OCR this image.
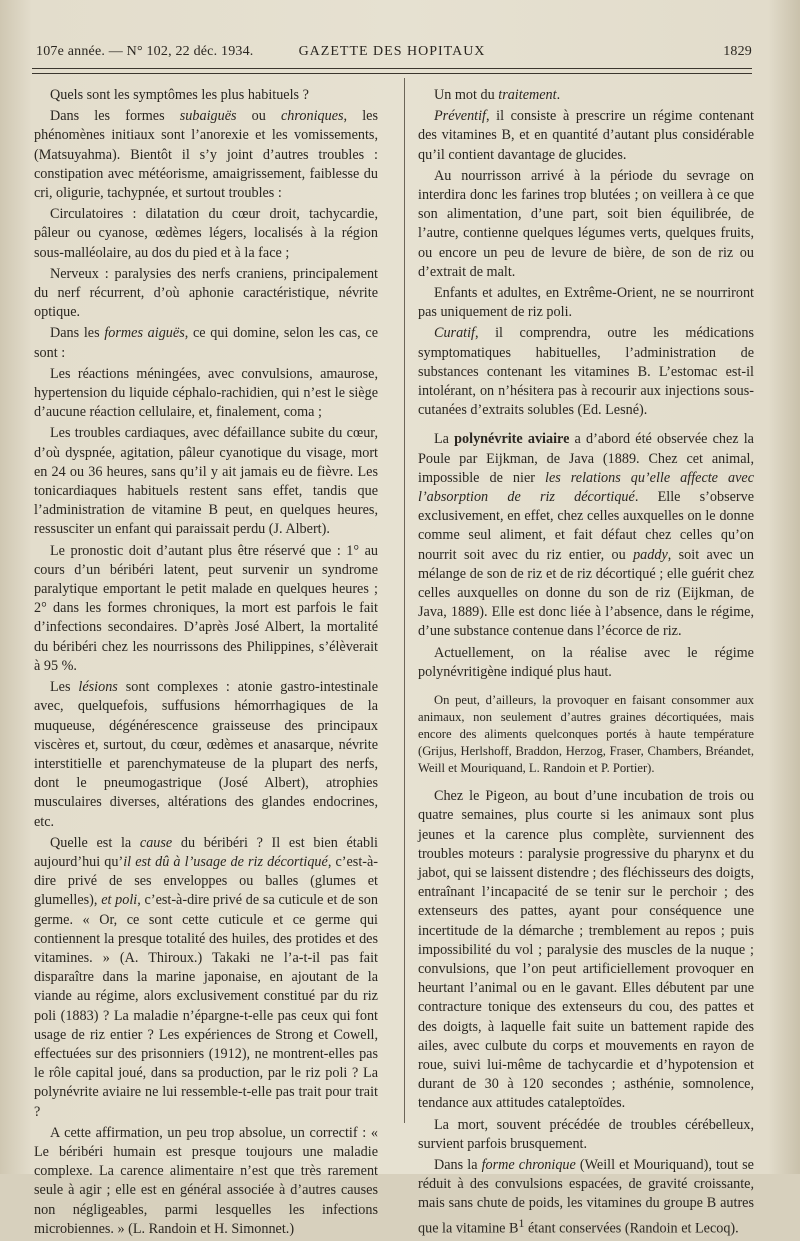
107e année. — N° 102, 22 déc. 1934.	GAZETTE DES HOPITAUX	1829

Quels sont les symptômes les plus habituels ?

Dans les formes subaiguës ou chroniques, les phénomènes initiaux sont l’anorexie et les vomissements, (Matsuyahma). Bientôt il s’y joint d’autres troubles : constipation avec météorisme, amaigrissement, faiblesse du cri, oligurie, tachypnée, et surtout troubles :

Circulatoires : dilatation du cœur droit, tachycardie, pâleur ou cyanose, œdèmes légers, localisés à la région sous-malléolaire, au dos du pied et à la face ;

Nerveux : paralysies des nerfs craniens, principalement du nerf récurrent, d’où aphonie caractéristique, névrite optique.

Dans les formes aiguës, ce qui domine, selon les cas, ce sont :

Les réactions méningées, avec convulsions, amaurose, hypertension du liquide céphalo-rachidien, qui n’est le siège d’aucune réaction cellulaire, et, finalement, coma ;

Les troubles cardiaques, avec défaillance subite du cœur, d’où dyspnée, agitation, pâleur cyanotique du visage, mort en 24 ou 36 heures, sans qu’il y ait jamais eu de fièvre. Les tonicardiaques habituels restent sans effet, tandis que l’administration de vitamine B peut, en quelques heures, ressusciter un enfant qui paraissait perdu (J. Albert).

Le pronostic doit d’autant plus être réservé que : 1° au cours d’un béribéri latent, peut survenir un syndrome paralytique emportant le petit malade en quelques heures ; 2° dans les formes chroniques, la mort est parfois le fait d’infections secondaires. D’après José Albert, la mortalité du béribéri chez les nourrissons des Philippines, s’élèverait à 95 %.

Les lésions sont complexes : atonie gastro-intestinale avec, quelquefois, suffusions hémorrhagiques de la muqueuse, dégénérescence graisseuse des principaux viscères et, surtout, du cœur, œdèmes et anasarque, névrite interstitielle et parenchymateuse de la plupart des nerfs, dont le pneumogastrique (José Albert), atrophies musculaires diverses, altérations des glandes endocrines, etc.

Quelle est la cause du béribéri ? Il est bien établi aujourd’hui qu’il est dû à l’usage de riz décortiqué, c’est-à-dire privé de ses enveloppes ou balles (glumes et glumelles), et poli, c’est-à-dire privé de sa cuticule et de son germe. « Or, ce sont cette cuticule et ce germe qui contiennent la presque totalité des huiles, des protides et des vitamines. » (A. Thiroux.) Takaki ne l’a-t-il pas fait disparaître dans la marine japonaise, en ajoutant de la viande au régime, alors exclusivement constitué par du riz poli (1883) ? La maladie n’épargne-t-elle pas ceux qui font usage de riz entier ? Les expériences de Strong et Cowell, effectuées sur des prisonniers (1912), ne montrent-elles pas le rôle capital joué, dans sa production, par le riz poli ? La polynévrite aviaire ne lui ressemble-t-elle pas trait pour trait ?

A cette affirmation, un peu trop absolue, un correctif : « Le béribéri humain est presque toujours une maladie complexe. La carence alimentaire n’est que très rarement seule à agir ; elle est en général associée à d’autres causes non négligeables, parmi lesquelles les infections microbiennes. » (L. Randoin et H. Simonnet.)

Un mot du traitement.

Préventif, il consiste à prescrire un régime contenant des vitamines B, et en quantité d’autant plus considérable qu’il contient davantage de glucides.

Au nourrisson arrivé à la période du sevrage on interdira donc les farines trop blutées ; on veillera à ce que son alimentation, d’une part, soit bien équilibrée, de l’autre, contienne quelques légumes verts, quelques fruits, ou encore un peu de levure de bière, de son de riz ou d’extrait de malt.

Enfants et adultes, en Extrême-Orient, ne se nourriront pas uniquement de riz poli.

Curatif, il comprendra, outre les médications symptomatiques habituelles, l’administration de substances contenant les vitamines B. L’estomac est-il intolérant, on n’hésitera pas à recourir aux injections sous-cutanées d’extraits solubles (Ed. Lesné).

La polynévrite aviaire a d’abord été observée chez la Poule par Eijkman, de Java (1889. Chez cet animal, impossible de nier les relations qu’elle affecte avec l’absorption de riz décortiqué. Elle s’observe exclusivement, en effet, chez celles auxquelles on le donne comme seul aliment, et fait défaut chez celles qu’on nourrit soit avec du riz entier, ou paddy, soit avec un mélange de son de riz et de riz décortiqué ; elle guérit chez celles auxquelles on donne du son de riz (Eijkman, de Java, 1889). Elle est donc liée à l’absence, dans le régime, d’une substance contenue dans l’écorce de riz.

Actuellement, on la réalise avec le régime polynévritigène indiqué plus haut.

On peut, d’ailleurs, la provoquer en faisant consommer aux animaux, non seulement d’autres graines décortiquées, mais encore des aliments quelconques portés à haute température (Grijus, Herlshoff, Braddon, Herzog, Fraser, Chambers, Bréandet, Weill et Mouriquand, L. Randoin et P. Portier).

Chez le Pigeon, au bout d’une incubation de trois ou quatre semaines, plus courte si les animaux sont plus jeunes et la carence plus complète, surviennent des troubles moteurs : paralysie progressive du pharynx et du jabot, qui se laissent distendre ; des fléchisseurs des doigts, entraînant l’incapacité de se tenir sur le perchoir ; des extenseurs des pattes, ayant pour conséquence une incertitude de la démarche ; tremblement au repos ; puis impossibilité du vol ; paralysie des muscles de la nuque ; convulsions, que l’on peut artificiellement provoquer en heurtant l’animal ou en le gavant. Elles débutent par une contracture tonique des extenseurs du cou, des pattes et des doigts, à laquelle fait suite un battement rapide des ailes, avec culbute du corps et mouvements en rayon de roue, suivi lui-même de tachycardie et d’hypotension et durant de 30 à 120 secondes ; asthénie, somnolence, tendance aux attitudes cataleptoïdes.

La mort, souvent précédée de troubles cérébelleux, survient parfois brusquement.

Dans la forme chronique (Weill et Mouriquand), tout se réduit à des convulsions espacées, de gravité croissante, mais sans chute de poids, les vitamines du groupe B autres que la vitamine $B^1$ étant conservées (Randoin et Lecoq).
